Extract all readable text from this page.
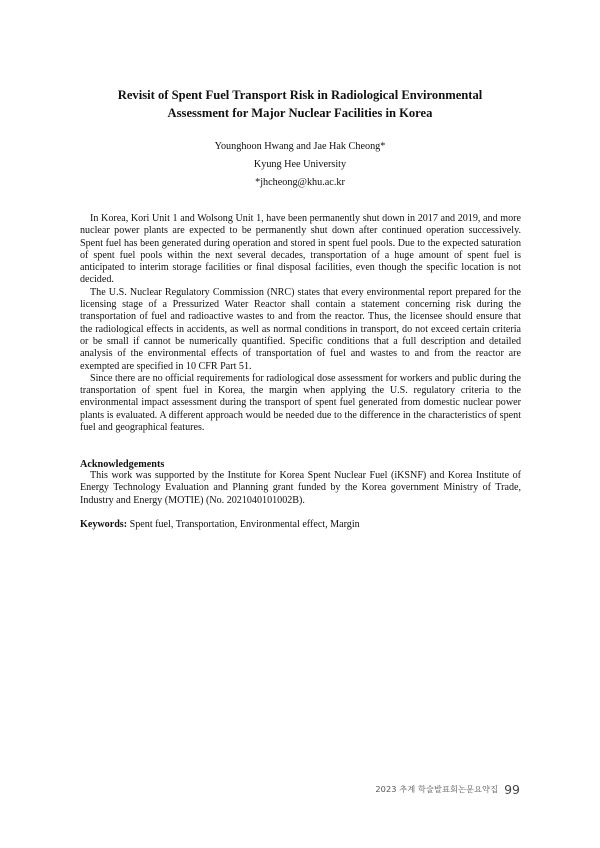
Revisit of Spent Fuel Transport Risk in Radiological Environmental
Assessment for Major Nuclear Facilities in Korea
Younghoon Hwang and Jae Hak Cheong*
Kyung Hee University
*jhcheong@khu.ac.kr

In Korea, Kori Unit 1 and Wolsong Unit 1, have been permanently shut down in 2017 and 2019, and more nuclear power plants are expected to be permanently shut down after continued operation successively. Spent fuel has been generated during operation and stored in spent fuel pools. Due to the expected saturation of spent fuel pools within the next several decades, transportation of a huge amount of spent fuel is anticipated to interim storage facilities or final disposal facilities, even though the specific location is not decided.

The U.S. Nuclear Regulatory Commission (NRC) states that every environmental report prepared for the licensing stage of a Pressurized Water Reactor shall contain a statement concerning risk during the transportation of fuel and radioactive wastes to and from the reactor. Thus, the licensee should ensure that the radiological effects in accidents, as well as normal conditions in transport, do not exceed certain criteria or be small if cannot be numerically quantified. Specific conditions that a full description and detailed analysis of the environmental effects of transportation of fuel and wastes to and from the reactor are exempted are specified in 10 CFR Part 51.

Since there are no official requirements for radiological dose assessment for workers and public during the transportation of spent fuel in Korea, the margin when applying the U.S. regulatory criteria to the environmental impact assessment during the transport of spent fuel generated from domestic nuclear power plants is evaluated. A different approach would be needed due to the difference in the characteristics of spent fuel and geographical features.

Acknowledgements

This work was supported by the Institute for Korea Spent Nuclear Fuel (iKSNF) and Korea Institute of Energy Technology Evaluation and Planning grant funded by the Korea government Ministry of Trade, Industry and Energy (MOTIE) (No. 2021040101002B).

Keywords: Spent fuel, Transportation, Environmental effect, Margin
2023 추계 학술발표회논문요약집 99
